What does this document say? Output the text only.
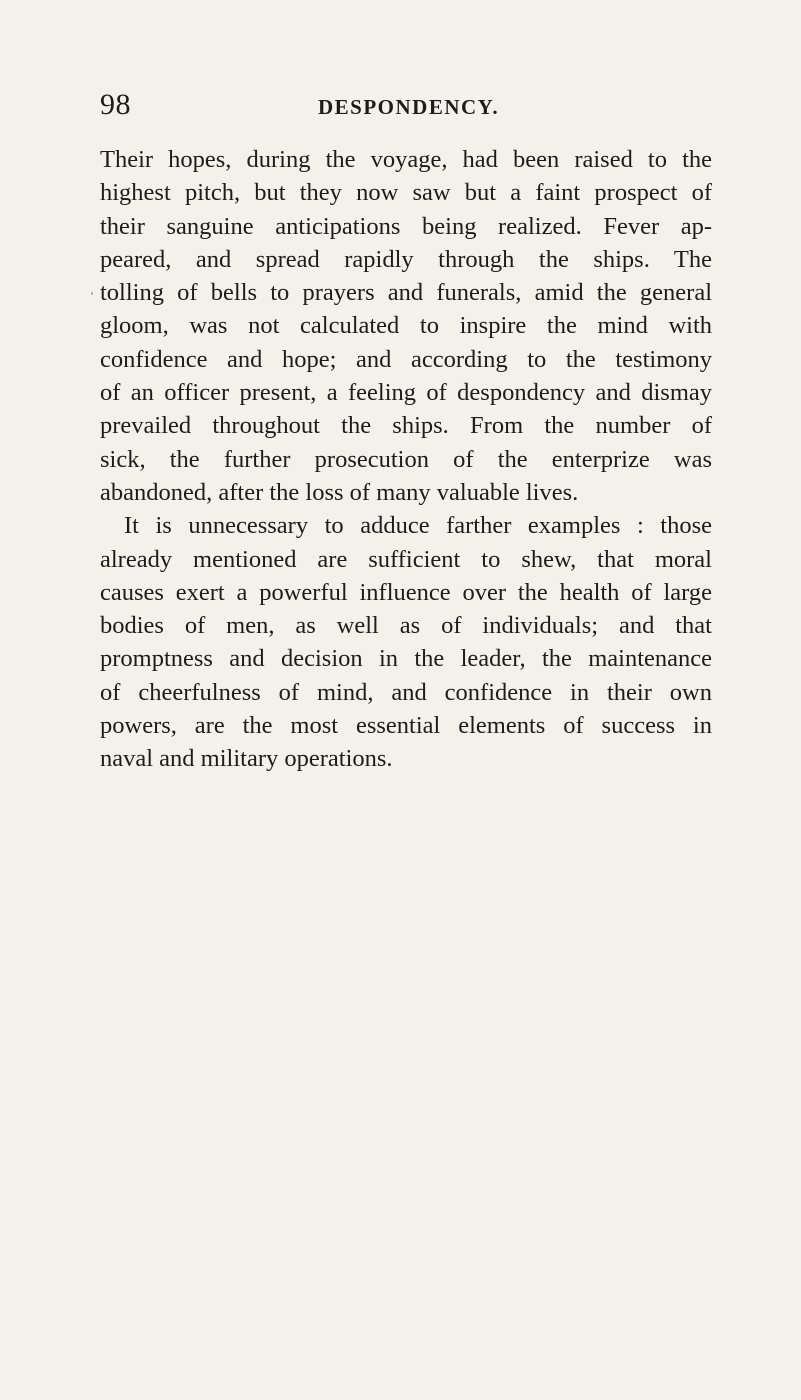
98	DESPONDENCY.
Their hopes, during the voyage, had been raised to the
highest pitch, but they now saw but a faint prospect of
their sanguine anticipations being realized. Fever ap-
peared, and spread rapidly through the ships. The
tolling of bells to prayers and funerals, amid the general
gloom, was not calculated to inspire the mind with
confidence and hope; and according to the testimony
of an officer present, a feeling of despondency and dismay
prevailed throughout the ships. From the number of
sick, the further prosecution of the enterprize was
abandoned, after the loss of many valuable lives.
It is unnecessary to adduce farther examples : those
already mentioned are sufficient to shew, that moral
causes exert a powerful influence over the health of large
bodies of men, as well as of individuals; and that
promptness and decision in the leader, the maintenance
of cheerfulness of mind, and confidence in their own
powers, are the most essential elements of success in
naval and military operations.
